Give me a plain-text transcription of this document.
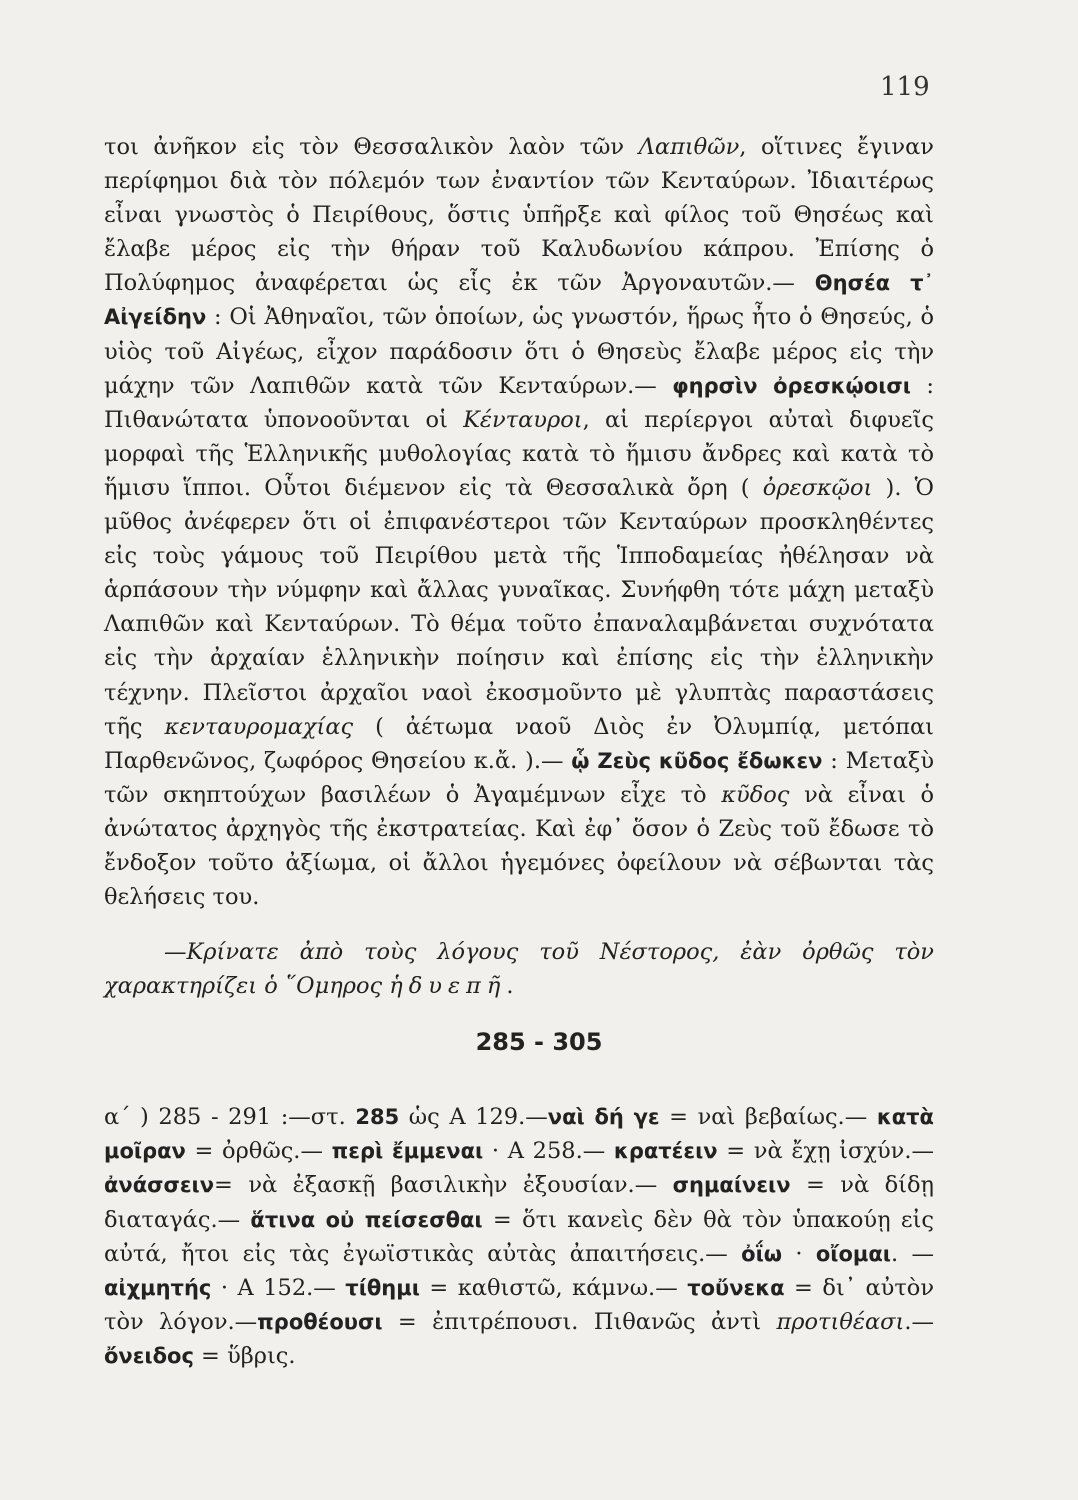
119

τοι ἀνῆκον εἰς τὸν Θεσσαλικὸν λαὸν τῶν Λαπιθῶν, οἵτινες ἔγιναν περίφημοι διὰ τὸν πόλεμόν των ἐναντίον τῶν Κενταύρων. Ἰδιαιτέρως εἶναι γνωστὸς ὁ Πειρίθους, ὅστις ὑπῆρξε καὶ φίλος τοῦ Θησέως καὶ ἔλαβε μέρος εἰς τὴν θήραν τοῦ Καλυδωνίου κάπρου. Ἐπίσης ὁ Πολύφημος ἀναφέρεται ὡς εἷς ἐκ τῶν Ἀργοναυτῶν.— Θησέα τ᾽ Αἰγείδην : Οἱ Ἀθηναῖοι, τῶν ὁποίων, ὡς γνωστόν, ἥρως ἦτο ὁ Θησεύς, ὁ υἱὸς τοῦ Αἰγέως, εἶχον παράδοσιν ὅτι ὁ Θησεὺς ἔλαβε μέρος εἰς τὴν μάχην τῶν Λαπιθῶν κατὰ τῶν Κενταύρων.— φηρσὶν ὀρεσκῴοισι : Πιθανώτατα ὑπονοοῦνται οἱ Κένταυροι, αἱ περίεργοι αὐταὶ διφυεῖς μορφαὶ τῆς Ἑλληνικῆς μυθολογίας κατὰ τὸ ἥμισυ ἄνδρες καὶ κατὰ τὸ ἥμισυ ἵπποι. Οὗτοι διέμενον εἰς τὰ Θεσσαλικὰ ὄρη ( ὀρεσκῷοι ). Ὁ μῦθος ἀνέφερεν ὅτι οἱ ἐπιφανέστεροι τῶν Κενταύρων προσκληθέντες εἰς τοὺς γάμους τοῦ Πειρίθου μετὰ τῆς Ἱπποδαμείας ἠθέλησαν νὰ ἁρπάσουν τὴν νύμφην καὶ ἄλλας γυναῖκας. Συνήφθη τότε μάχη μεταξὺ Λαπιθῶν καὶ Κενταύρων. Τὸ θέμα τοῦτο ἐπαναλαμβάνεται συχνότατα εἰς τὴν ἀρχαίαν ἑλληνικὴν ποίησιν καὶ ἐπίσης εἰς τὴν ἑλληνικὴν τέχνην. Πλεῖστοι ἀρχαῖοι ναοὶ ἐκοσμοῦντο μὲ γλυπτὰς παραστάσεις τῆς κενταυρομαχίας ( ἀέτωμα ναοῦ Διὸς ἐν Ὀλυμπίᾳ, μετόπαι Παρθενῶνος, ζωφόρος Θησείου κ.ἄ. ).— ᾧ Ζεὺς κῦδος ἔδωκεν : Μεταξὺ τῶν σκηπτούχων βασιλέων ὁ Ἀγαμέμνων εἶχε τὸ κῦδος νὰ εἶναι ὁ ἀνώτατος ἀρχηγὸς τῆς ἐκστρατείας. Καὶ ἐφ᾽ ὅσον ὁ Ζεὺς τοῦ ἔδωσε τὸ ἔνδοξον τοῦτο ἀξίωμα, οἱ ἄλλοι ἡγεμόνες ὀφείλουν νὰ σέβωνται τὰς θελήσεις του.

—Κρίνατε ἀπὸ τοὺς λόγους τοῦ Νέστορος, ἐὰν ὀρθῶς τὸν χαρακτηρίζει ὁ ῞Ομηρος ἡδυεπῆ.

285 - 305

α´ ) 285 - 291 :—στ. 285 ὡς Α 129.—ναὶ δή γε = ναὶ βεβαίως.— κατὰ μοῖραν = ὀρθῶς.— περὶ ἔμμεναι · Α 258.— κρατέειν = νὰ ἔχῃ ἰσχύν.— ἀνάσσειν= νὰ ἐξασκῇ βασιλικὴν ἐξουσίαν.— σημαίνειν = νὰ δίδῃ διαταγάς.— ἅτινα οὐ πείσεσθαι = ὅτι κανεὶς δὲν θὰ τὸν ὑπακούῃ εἰς αὐτά, ἤτοι εἰς τὰς ἐγωϊστικὰς αὐτὰς ἀπαιτήσεις.— ὀΐω · οἴομαι. — αἰχμητής · Α 152.— τίθημι = καθιστῶ, κάμνω.— τοὔνεκα = δι᾽ αὐτὸν τὸν λόγον.—προθέουσι = ἐπιτρέπουσι. Πιθανῶς ἀντὶ προτιθέασι.— ὄνειδος = ὕβρις.
